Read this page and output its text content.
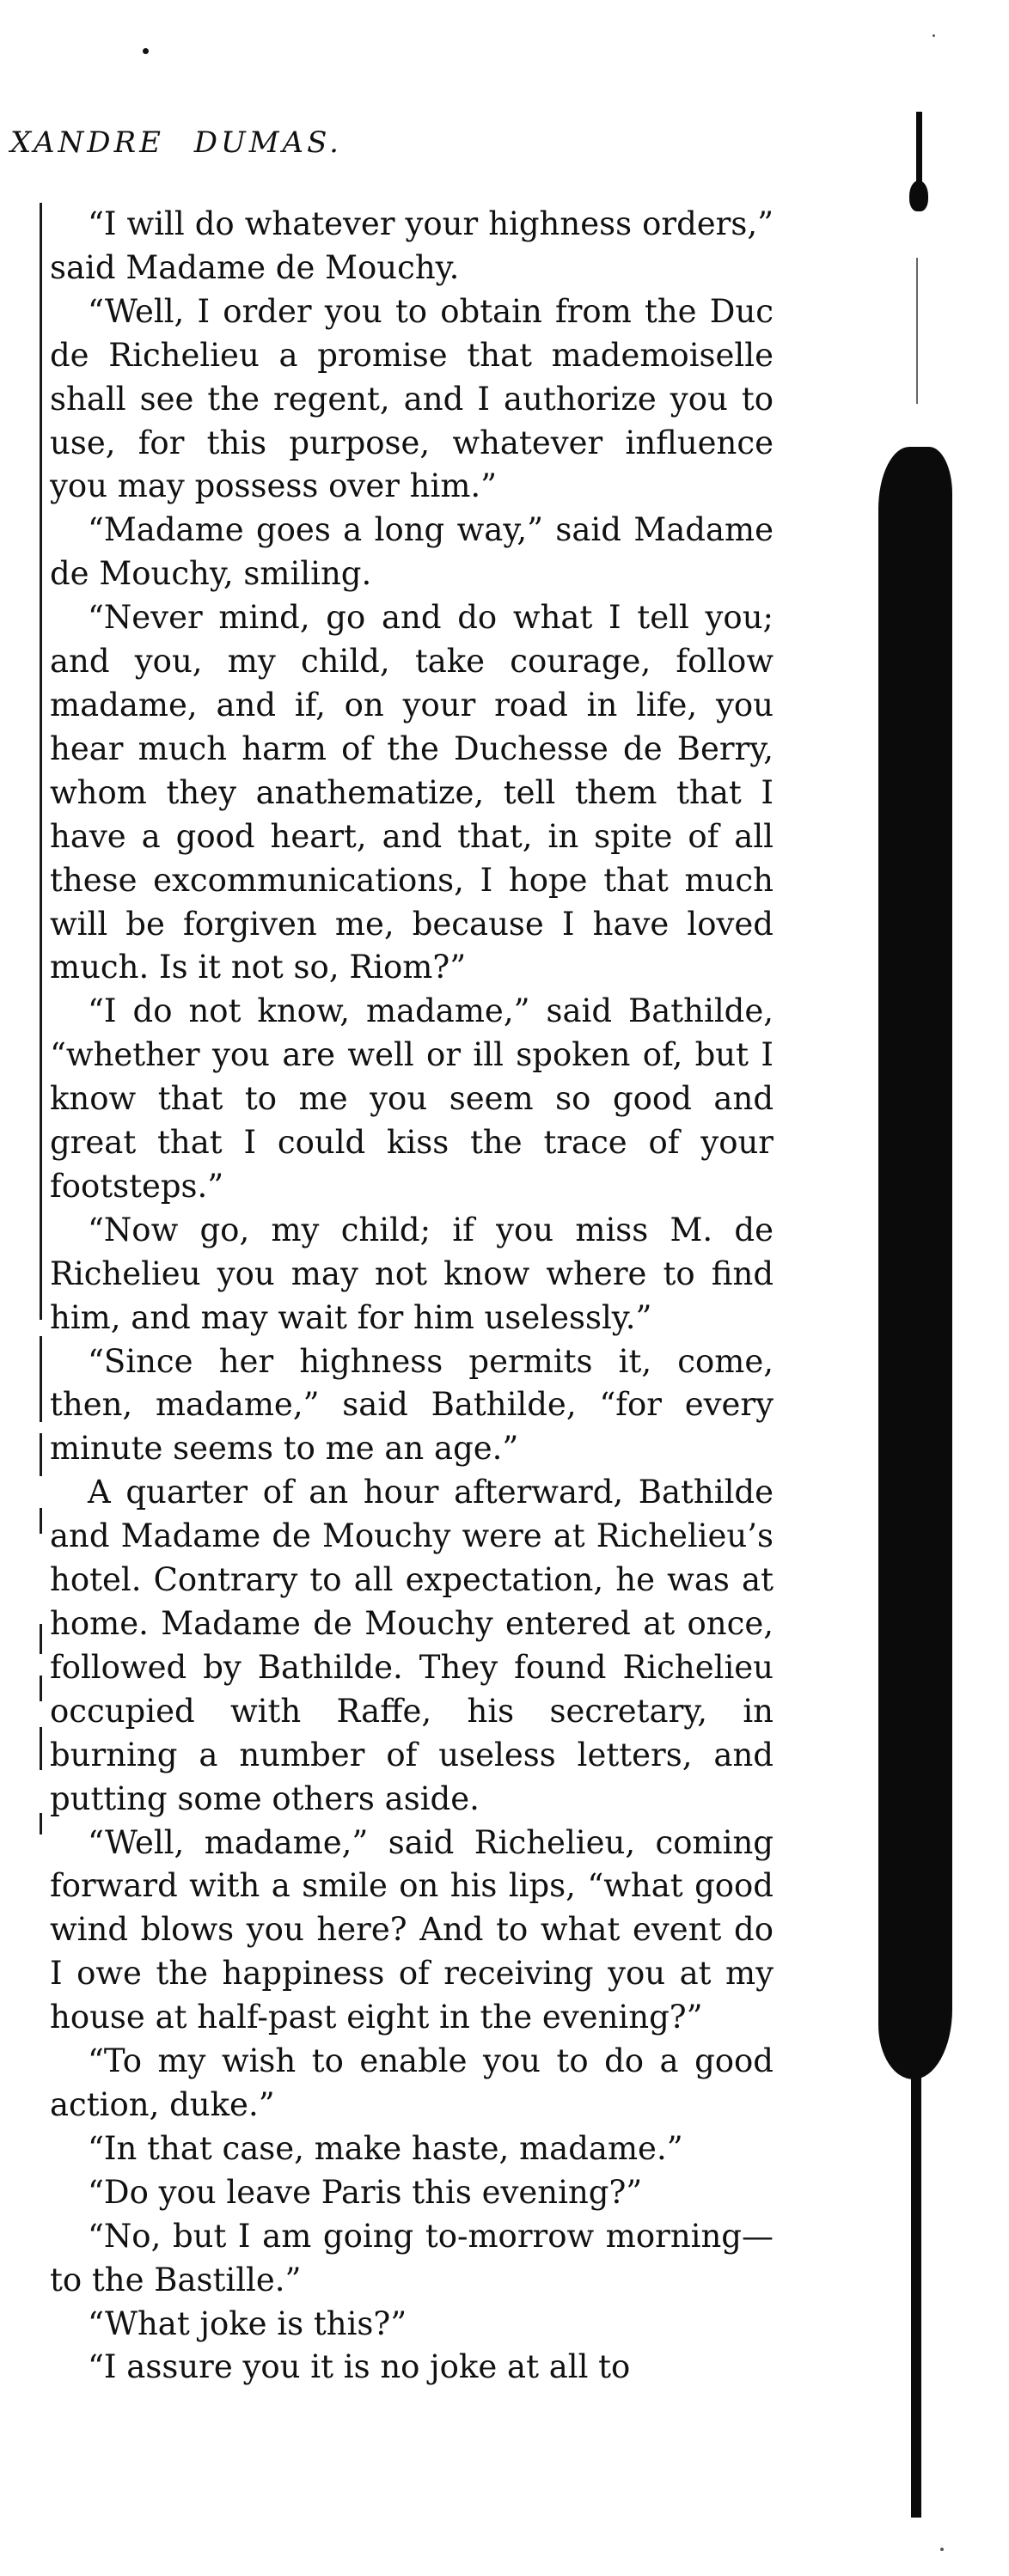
XANDRE DUMAS.

“I will do whatever your highness orders,” said Madame de Mouchy.

“Well, I order you to obtain from the Duc de Richelieu a promise that mademoiselle shall see the regent, and I authorize you to use, for this purpose, whatever influence you may possess over him.”

“Madame goes a long way,” said Madame de Mouchy, smiling.

“Never mind, go and do what I tell you; and you, my child, take courage, follow madame, and if, on your road in life, you hear much harm of the Duchesse de Berry, whom they anathematize, tell them that I have a good heart, and that, in spite of all these excommunications, I hope that much will be forgiven me, because I have loved much. Is it not so, Riom?”

“I do not know, madame,” said Bathilde, “whether you are well or ill spoken of, but I know that to me you seem so good and great that I could kiss the trace of your footsteps.”

“Now go, my child; if you miss M. de Richelieu you may not know where to find him, and may wait for him uselessly.”

“Since her highness permits it, come, then, madame,” said Bathilde, “for every minute seems to me an age.”

A quarter of an hour afterward, Bathilde and Madame de Mouchy were at Richelieu’s hotel. Contrary to all expectation, he was at home. Madame de Mouchy entered at once, followed by Bathilde. They found Richelieu occupied with Raffe, his secretary, in burning a number of useless letters, and putting some others aside.

“Well, madame,” said Richelieu, coming forward with a smile on his lips, “what good wind blows you here? And to what event do I owe the happiness of receiving you at my house at half-past eight in the evening?”

“To my wish to enable you to do a good action, duke.”

“In that case, make haste, madame.”

“Do you leave Paris this evening?”

“No, but I am going to-morrow morning—to the Bastille.”

“What joke is this?”

“I assure you it is no joke at all to
